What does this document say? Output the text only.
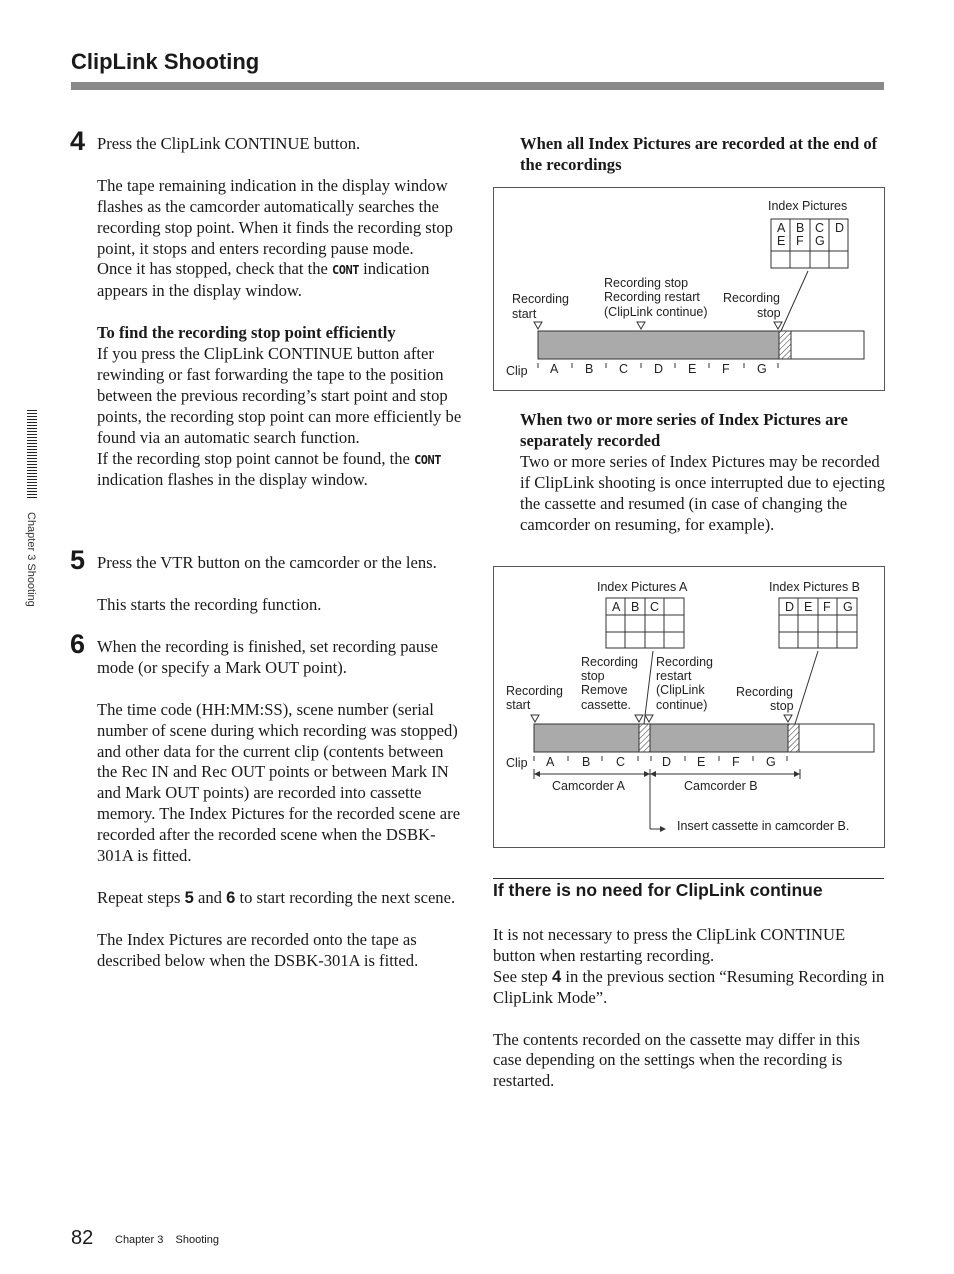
ClipLink Shooting
Chapter 3 Shooting
4 Press the ClipLink CONTINUE button.

The tape remaining indication in the display window flashes as the camcorder automatically searches the recording stop point. When it finds the recording stop point, it stops and enters recording pause mode.

Once it has stopped, check that the CONT indication appears in the display window.

To find the recording stop point efficiently

If you press the ClipLink CONTINUE button after rewinding or fast forwarding the tape to the position between the previous recording’s start point and stop points, the recording stop point can more efficiently be found via an automatic search function.

If the recording stop point cannot be found, the CONT indication flashes in the display window.

5 Press the VTR button on the camcorder or the lens.

This starts the recording function.

6 When the recording is finished, set recording pause mode (or specify a Mark OUT point).

The time code (HH:MM:SS), scene number (serial number of scene during which recording was stopped) and other data for the current clip (contents between the Rec IN and Rec OUT points or between Mark IN and Mark OUT points) are recorded into cassette memory. The Index Pictures for the recorded scene are recorded after the recorded scene when the DSBK-301A is fitted.

Repeat steps 5 and 6 to start recording the next scene.

The Index Pictures are recorded onto the tape as described below when the DSBK-301A is fitted.

When all Index Pictures are recorded at the end of the recordings
Index Pictures
A B C D
E F G
Recording
start
Recording stop
Recording restart
(ClipLink continue)
Recording
stop
Clip A B C D E F G

When two or more series of Index Pictures are separately recorded

Two or more series of Index Pictures may be recorded if ClipLink shooting is once interrupted due to ejecting the cassette and resumed (in case of changing the camcorder on resuming, for example).

Index Pictures A	Index Pictures B
A B C	D E F G
Recording
start
Recording
stop
Remove
cassette.
Recording
restart
(ClipLink
continue)
Recording
stop
Clip A B C	D E F G
Camcorder A	Camcorder B
Insert cassette in camcorder B.
If there is no need for ClipLink continue

It is not necessary to press the ClipLink CONTINUE button when restarting recording.

See step 4 in the previous section “Resuming Recording in ClipLink Mode”.

The contents recorded on the cassette may differ in this case depending on the settings when the recording is restarted.

82 Chapter 3    Shooting
